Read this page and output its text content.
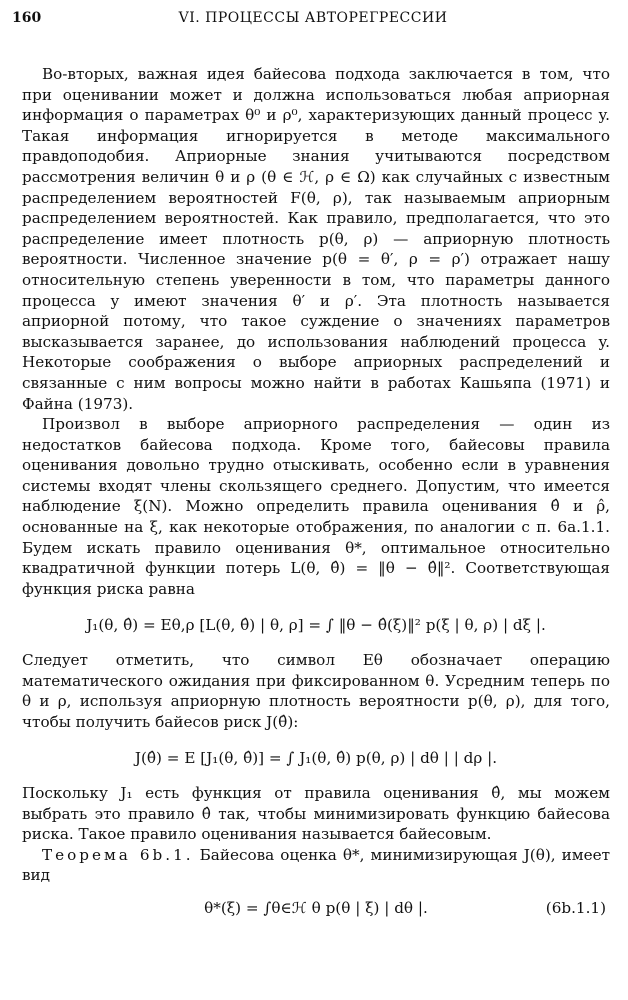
160	VI. ПРОЦЕССЫ АВТОРЕГРЕССИИ

Во-вторых, важная идея байесова подхода заключается в том, что при оценивании может и должна использоваться любая априорная информация о параметрах θ⁰ и ρ⁰, характеризующих данный процесс y. Такая информация игнорируется в методе максимального правдоподобия. Априорные знания учитываются посредством рассмотрения величин θ и ρ (θ ∈ ℋ, ρ ∈ Ω) как случайных с известным распределением вероятностей F(θ, ρ), так называемым априорным распределением вероятностей. Как правило, предполагается, что это распределение имеет плотность p(θ, ρ) — априорную плотность вероятности. Численное значение p(θ = θ′, ρ = ρ′) отражает нашу относительную степень уверенности в том, что параметры данного процесса y имеют значения θ′ и ρ′. Эта плотность называется априорной потому, что такое суждение о значениях параметров высказывается заранее, до использования наблюдений процесса y. Некоторые соображения о выборе априорных распределений и связанные с ним вопросы можно найти в работах Кашьяпа (1971) и Файна (1973).

Произвол в выборе априорного распределения — один из недостатков байесова подхода. Кроме того, байесовы правила оценивания довольно трудно отыскивать, особенно если в уравнения системы входят члены скользящего среднего. Допустим, что имеется наблюдение ξ(N). Можно определить правила оценивания θ̂ и ρ̂, основанные на ξ, как некоторые отображения, по аналогии с п. 6а.1.1. Будем искать правило оценивания θ*, оптимальное относительно квадратичной функции потерь L(θ, θ̂) = ‖θ − θ̂‖². Соответствующая функция риска равна

J₁(θ, θ̂) = Eθ,ρ [L(θ, θ̂) | θ, ρ] = ∫ ‖θ − θ̂(ξ)‖² p(ξ | θ, ρ) | dξ |.

Следует отметить, что символ Eθ обозначает операцию математического ожидания при фиксированном θ. Усредним теперь по θ и ρ, используя априорную плотность вероятности p(θ, ρ), для того, чтобы получить байесов риск J(θ̂):

J(θ̂) = E [J₁(θ, θ̂)] = ∫ J₁(θ, θ̂) p(θ, ρ) | dθ | | dρ |.

Поскольку J₁ есть функция от правила оценивания θ̂, мы можем выбрать это правило θ̂ так, чтобы минимизировать функцию байесова риска. Такое правило оценивания называется байесовым.

Теорема 6b.1. Байесова оценка θ*, минимизирующая J(θ), имеет вид

θ*(ξ) = ∫θ∈ℋ θ p(θ | ξ) | dθ |.	(6b.1.1)
